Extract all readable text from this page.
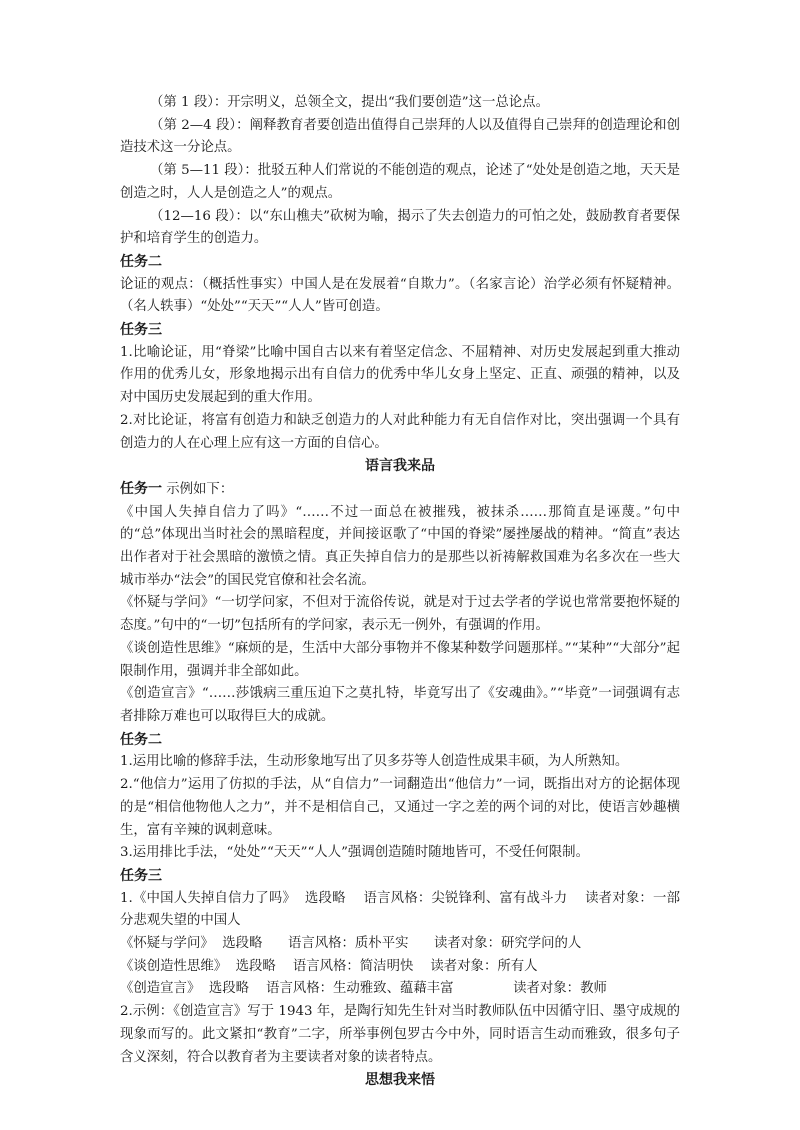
（第 1 段）：开宗明义，总领全文，提出“我们要创造”这一总论点。

（第 2—4 段）：阐释教育者要创造出值得自己崇拜的人以及值得自己崇拜的创造理论和创造技术这一分论点。

（第 5—11 段）：批驳五种人们常说的不能创造的观点，论述了“处处是创造之地，天天是创造之时，人人是创造之人”的观点。

（12—16 段）：以“东山樵夫”砍树为喻，揭示了失去创造力的可怕之处，鼓励教育者要保护和培育学生的创造力。

任务二

论证的观点：（概括性事实）中国人是在发展着“自欺力”。（名家言论）治学必须有怀疑精神。（名人轶事）“处处”“天天”“人人”皆可创造。

任务三

1.比喻论证，用“脊梁”比喻中国自古以来有着坚定信念、不屈精神、对历史发展起到重大推动作用的优秀儿女，形象地揭示出有自信力的优秀中华儿女身上坚定、正直、顽强的精神，以及对中国历史发展起到的重大作用。

2.对比论证，将富有创造力和缺乏创造力的人对此种能力有无自信作对比，突出强调一个具有创造力的人在心理上应有这一方面的自信心。

语言我来品

任务一 示例如下：

《中国人失掉自信力了吗》“……不过一面总在被摧残，被抹杀……那简直是诬蔑。”句中的“总”体现出当时社会的黑暗程度，并间接讴歌了“中国的脊梁”屡挫屡战的精神。“简直”表达出作者对于社会黑暗的激愤之情。真正失掉自信力的是那些以祈祷解救国难为名多次在一些大城市举办“法会”的国民党官僚和社会名流。

《怀疑与学问》“一切学问家，不但对于流俗传说，就是对于过去学者的学说也常常要抱怀疑的态度。”句中的“一切”包括所有的学问家，表示无一例外，有强调的作用。

《谈创造性思维》“麻烦的是，生活中大部分事物并不像某种数学问题那样。”“某种”“大部分”起限制作用，强调并非全部如此。

《创造宣言》“……莎饿病三重压迫下之莫扎特，毕竟写出了《安魂曲》。”“毕竟”一词强调有志者排除万难也可以取得巨大的成就。

任务二

1.运用比喻的修辞手法，生动形象地写出了贝多芬等人创造性成果丰硕，为人所熟知。

2.“他信力”运用了仿拟的手法，从“自信力”一词翻造出“他信力”一词，既指出对方的论据体现的是“相信他物他人之力”，并不是相信自己，又通过一字之差的两个词的对比，使语言妙趣横生，富有辛辣的讽刺意味。

3.运用排比手法，“处处”“天天”“人人”强调创造随时随地皆可，不受任何限制。

任务三

1.《中国人失掉自信力了吗》  选段略    语言风格：尖锐锋利、富有战斗力    读者对象：一部分悲观失望的中国人

《怀疑与学问》  选段略      语言风格：质朴平实      读者对象：研究学问的人

《谈创造性思维》  选段略    语言风格：简洁明快    读者对象：所有人

《创造宣言》  选段略    语言风格：生动雅致、蕴藉丰富              读者对象：教师

2.示例：《创造宣言》写于 1943 年，是陶行知先生针对当时教师队伍中因循守旧、墨守成规的现象而写的。此文紧扣“教育”二字，所举事例包罗古今中外，同时语言生动而雅致，很多句子含义深刻，符合以教育者为主要读者对象的读者特点。

思想我来悟
